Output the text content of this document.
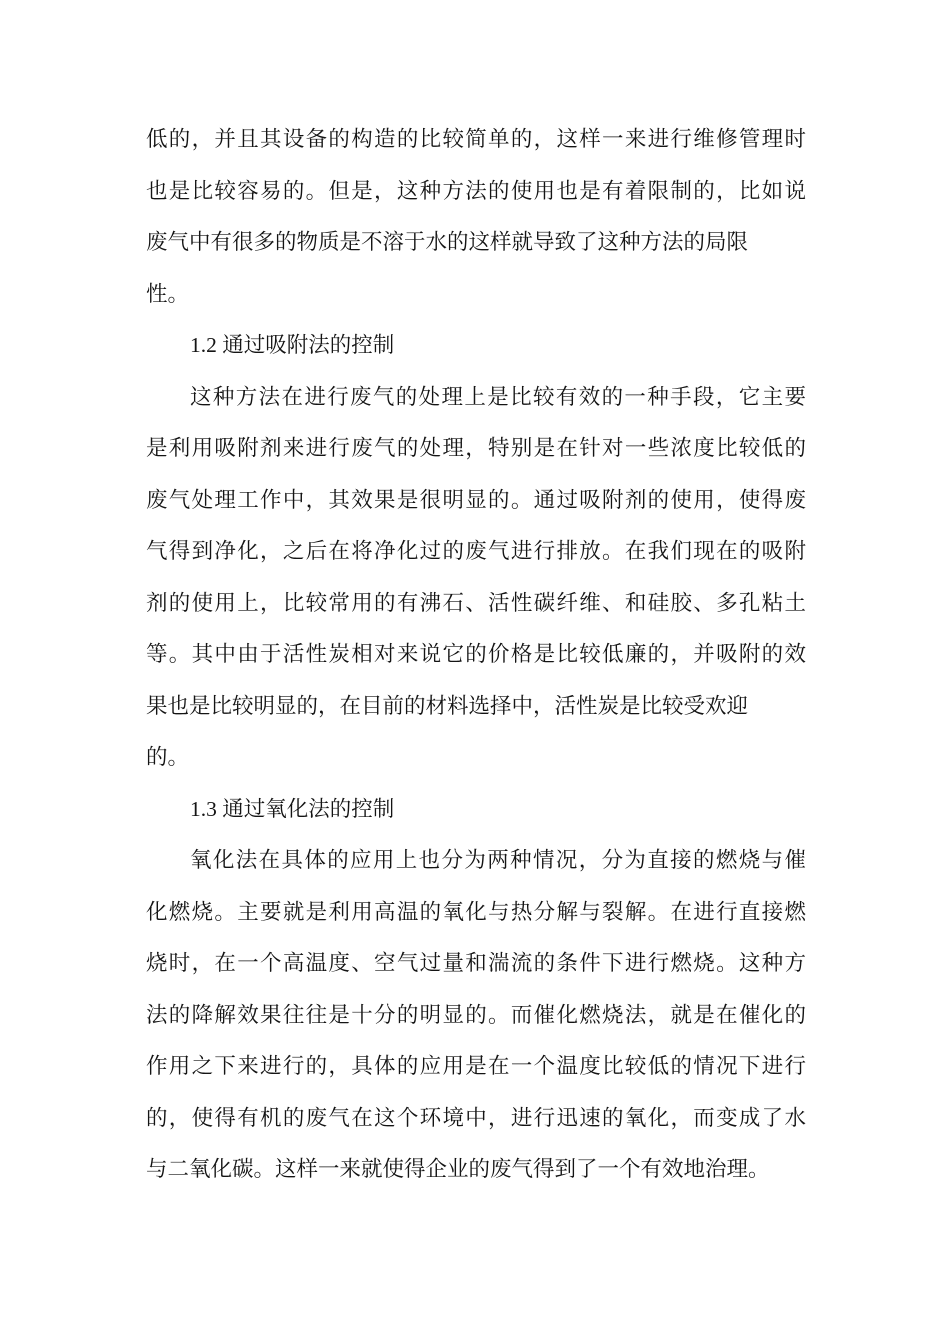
低的，并且其设备的构造的比较简单的，这样一来进行维修管理时
也是比较容易的。但是，这种方法的使用也是有着限制的，比如说
废气中有很多的物质是不溶于水的这样就导致了这种方法的局限
性。
1.2 通过吸附法的控制
这种方法在进行废气的处理上是比较有效的一种手段，它主要
是利用吸附剂来进行废气的处理，特别是在针对一些浓度比较低的
废气处理工作中，其效果是很明显的。通过吸附剂的使用，使得废
气得到净化，之后在将净化过的废气进行排放。在我们现在的吸附
剂的使用上，比较常用的有沸石、活性碳纤维、和硅胶、多孔粘土
等。其中由于活性炭相对来说它的价格是比较低廉的，并吸附的效
果也是比较明显的，在目前的材料选择中，活性炭是比较受欢迎
的。
1.3 通过氧化法的控制
氧化法在具体的应用上也分为两种情况，分为直接的燃烧与催
化燃烧。主要就是利用高温的氧化与热分解与裂解。在进行直接燃
烧时，在一个高温度、空气过量和湍流的条件下进行燃烧。这种方
法的降解效果往往是十分的明显的。而催化燃烧法，就是在催化的
作用之下来进行的，具体的应用是在一个温度比较低的情况下进行
的，使得有机的废气在这个环境中，进行迅速的氧化，而变成了水
与二氧化碳。这样一来就使得企业的废气得到了一个有效地治理。
